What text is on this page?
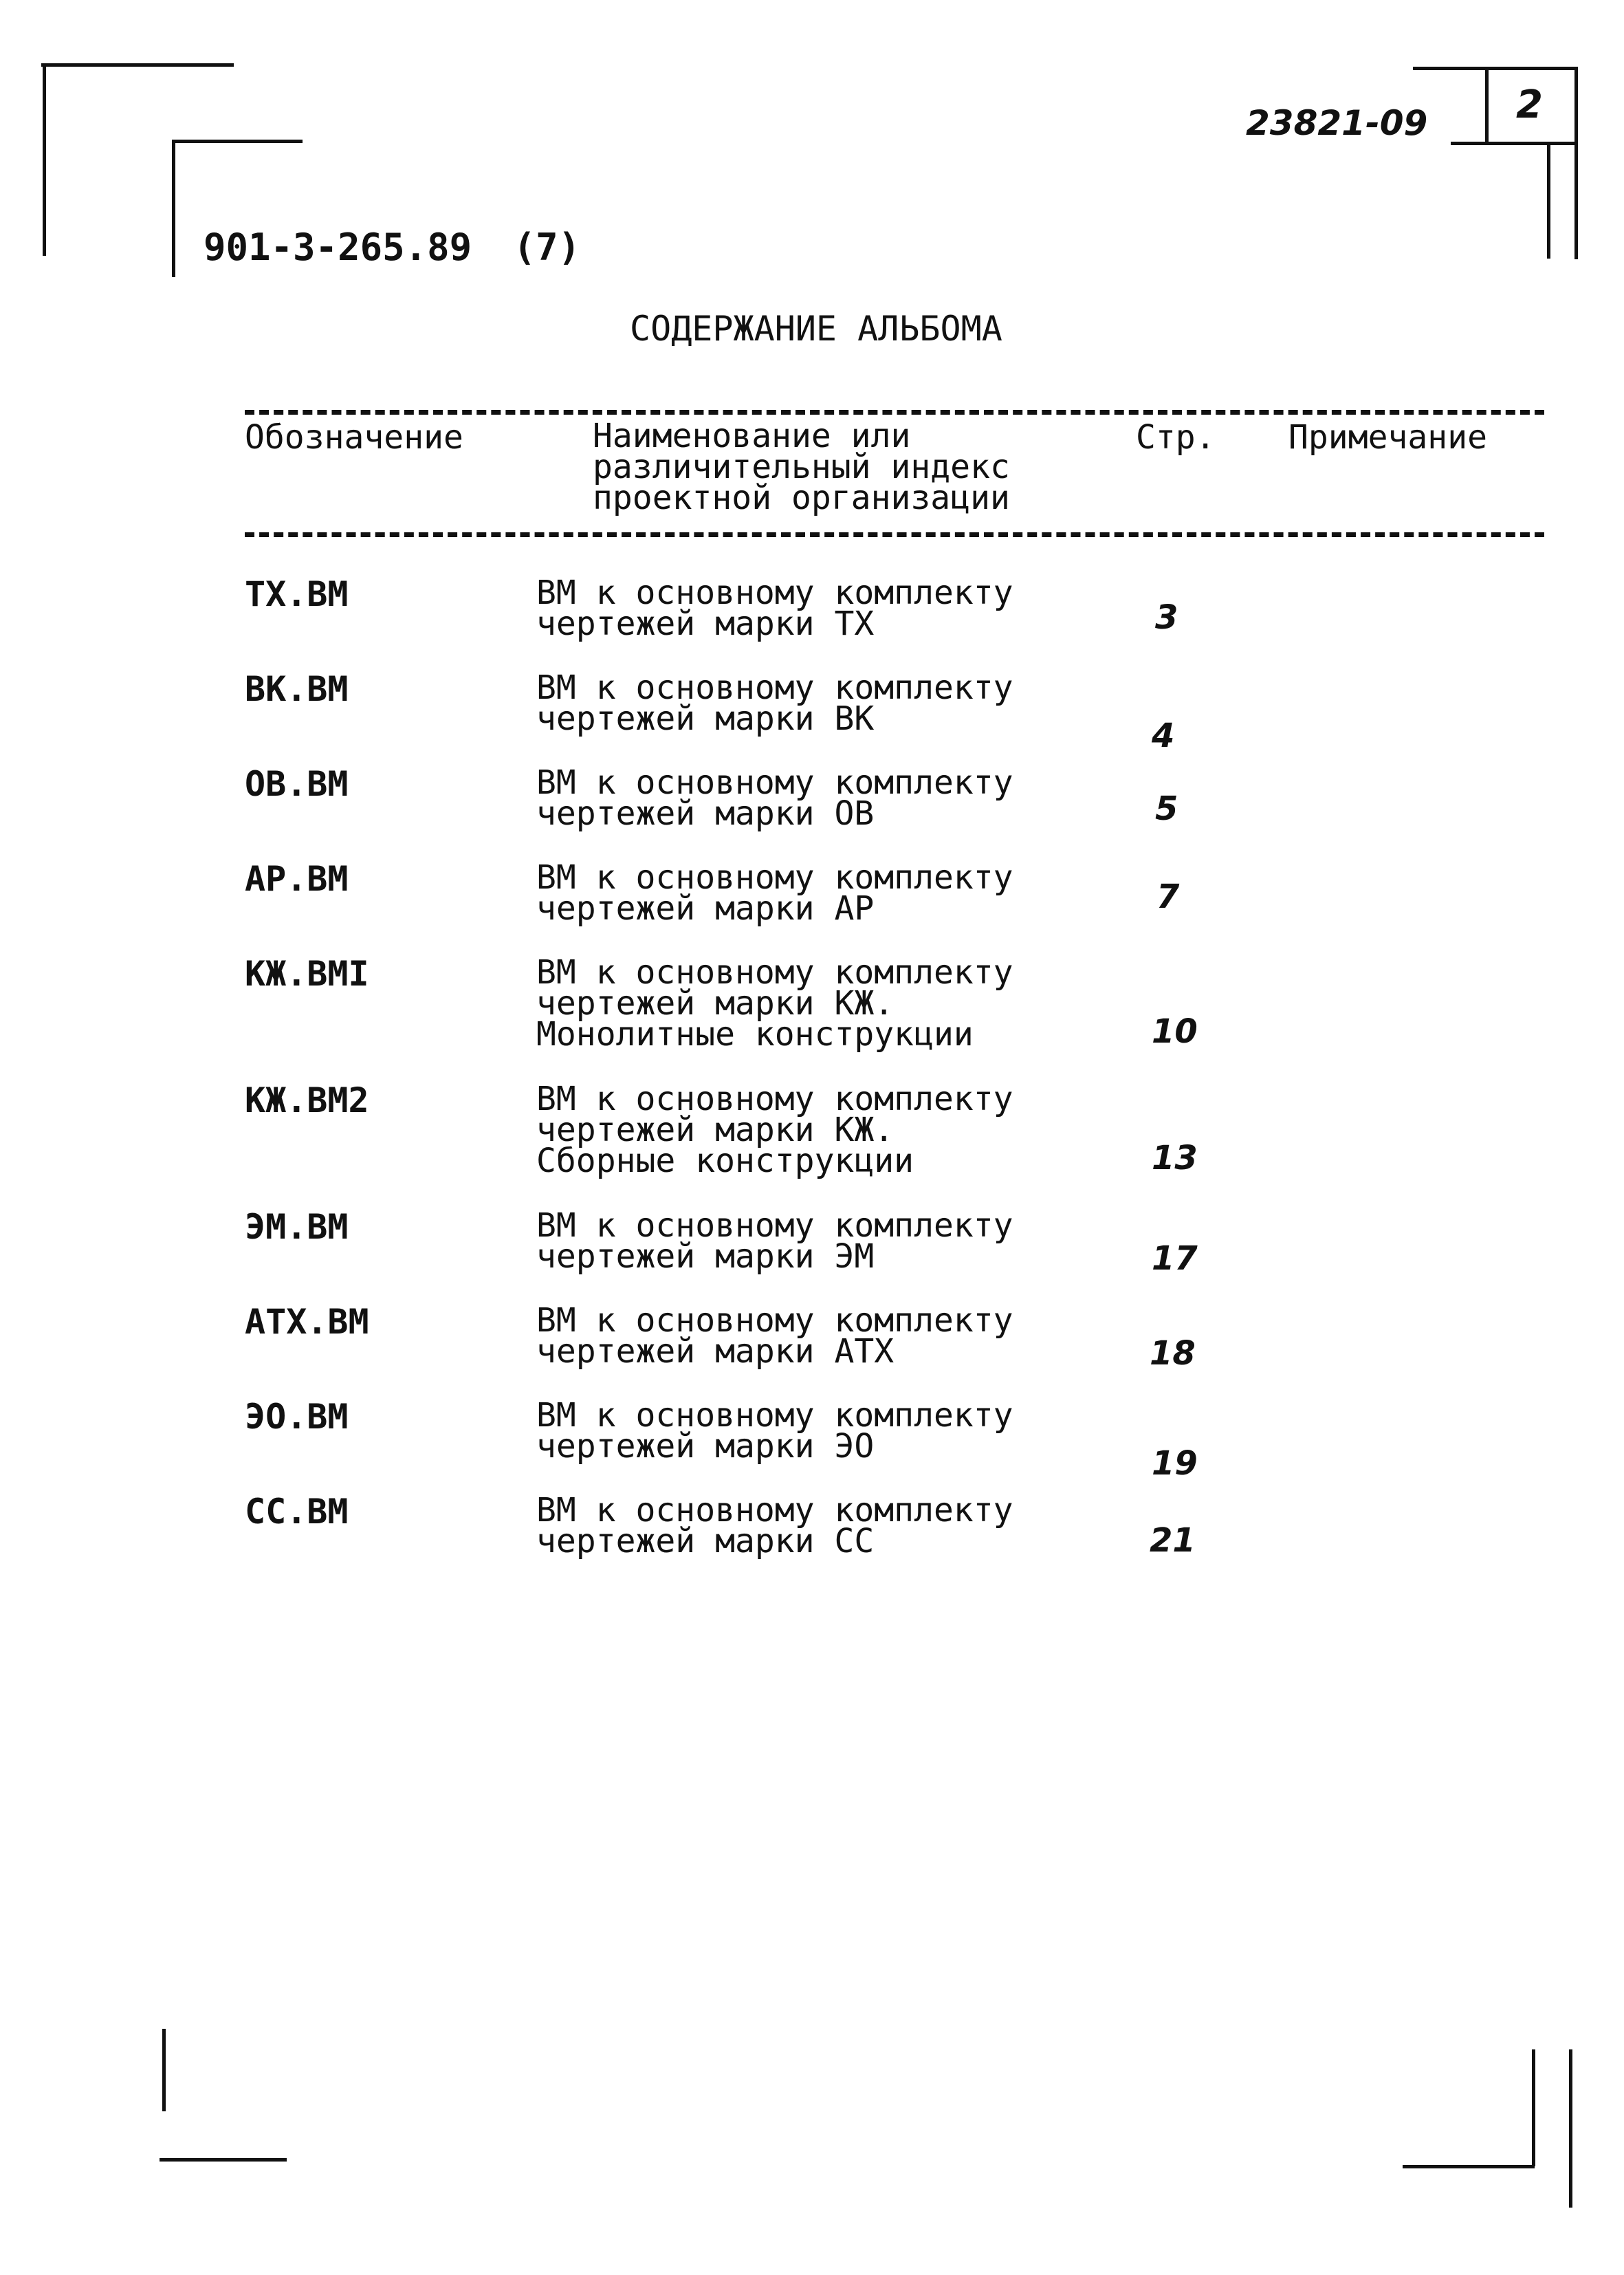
23821-09 2
901-3-265.89 (7)
СОДЕРЖАНИЕ АЛЬБОМА
Обозначение	Наименование или
различительный индекс
проектной организации
Стр. Примечание
ТХ.ВМ	ВМ к основному комплекту
чертежей марки ТХ	3
ВК.ВМ	ВМ к основному комплекту
чертежей марки ВК	4
ОВ.ВМ	ВМ к основному комплекту
чертежей марки ОВ	5
АР.ВМ	ВМ к основному комплекту
чертежей марки АР	7
КЖ.ВМI	ВМ к основному комплекту
чертежей марки КЖ.
Монолитные конструкции	10
КЖ.ВМ2	ВМ к основному комплекту
чертежей марки КЖ.
Сборные конструкции	13
ЭМ.ВМ	ВМ к основному комплекту
чертежей марки ЭМ	17
АТХ.ВМ	ВМ к основному комплекту
чертежей марки АТХ	18
ЭО.ВМ	ВМ к основному комплекту
чертежей марки ЭО	19
СС.ВМ	ВМ к основному комплекту
чертежей марки СС	21
